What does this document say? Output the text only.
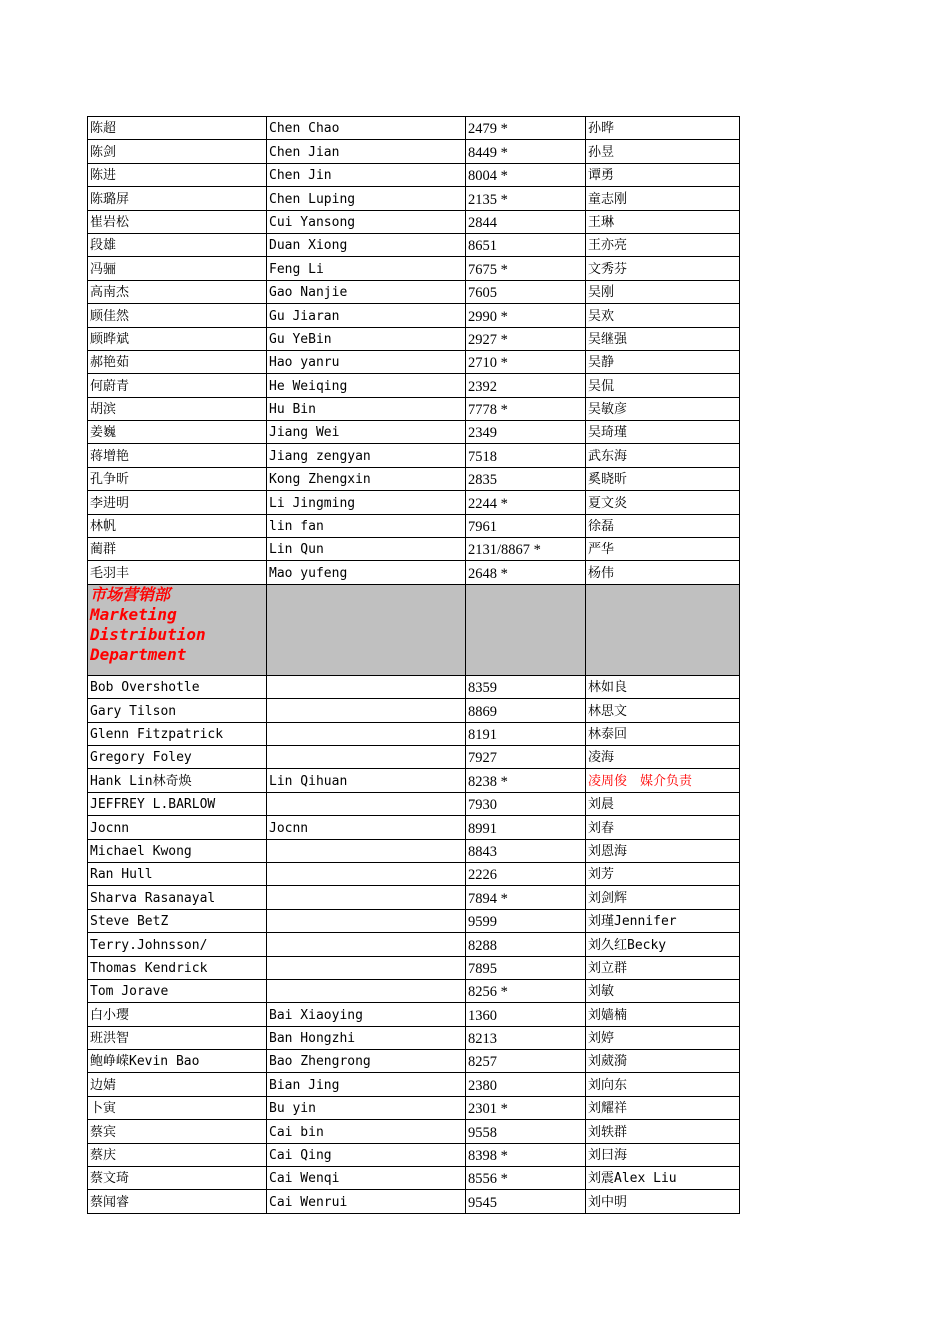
陈超	Chen Chao	2479 *	孙晔
陈剑	Chen Jian	8449 *	孙昱
陈进	Chen Jin	8004 *	谭勇
陈璐屏	Chen Luping	2135 *	童志刚
崔岩松	Cui Yansong	2844	王琳
段雄	Duan Xiong	8651	王亦亮
冯骊	Feng Li	7675 *	文秀芬
高南杰	Gao Nanjie	7605	吴刚
顾佳然	Gu Jiaran	2990 *	吴欢
顾晔斌	Gu YeBin	2927 *	吴继强
郝艳茹	Hao yanru	2710 *	吴静
何蔚青	He Weiqing	2392	吴侃
胡滨	Hu Bin	7778 *	吴敏彦
姜巍	Jiang Wei	2349	吴琦瑾
蒋增艳	Jiang zengyan	7518	武东海
孔争昕	Kong Zhengxin	2835	奚晓昕
李进明	Li Jingming	2244 *	夏文炎
林帆	lin fan	7961	徐磊
蔺群	Lin Qun	2131/8867 *	严华
毛羽丰	Mao yufeng	2648 *	杨伟

市场营销部
Marketing
Distribution
Department			

Bob Overshotle		8359	林如良
Gary Tilson		8869	林思文
Glenn Fitzpatrick		8191	林泰回
Gregory Foley		7927	凌海
Hank Lin林奇焕	Lin Qihuan	8238 *	凌周俊　媒介负责
JEFFREY L.BARLOW		7930	刘晨
Jocnn	Jocnn	8991	刘春
Michael Kwong		8843	刘恩海
Ran Hull		2226	刘芳
Sharva Rasanayal		7894 *	刘剑辉
Steve BetZ		9599	刘瑾Jennifer
Terry.Johnsson/		8288	刘久红Becky
Thomas Kendrick		7895	刘立群
Tom Jorave		8256 *	刘敏
白小璎	Bai Xiaoying	1360	刘嫱楠
班洪智	Ban Hongzhi	8213	刘婷
鲍峥嵘Kevin Bao	Bao Zhengrong	8257	刘葳漪
边婧	Bian Jing	2380	刘向东
卜寅	Bu yin	2301 *	刘耀祥
蔡宾	Cai bin	9558	刘轶群
蔡庆	Cai Qing	8398 *	刘曰海
蔡文琦	Cai Wenqi	8556 *	刘震Alex Liu
蔡闻睿	Cai Wenrui	9545	刘中明
